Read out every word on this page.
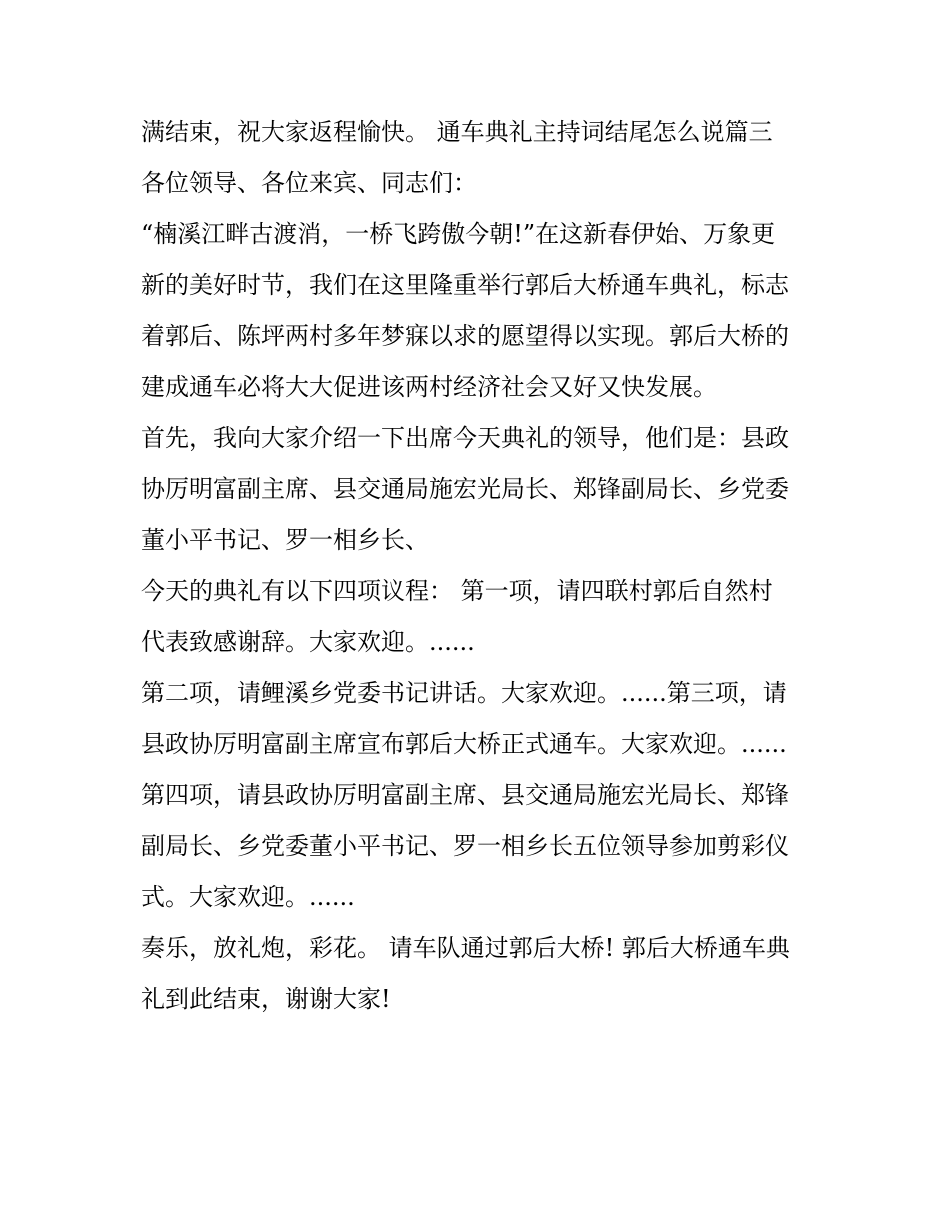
满结束，祝大家返程愉快。 通车典礼主持词结尾怎么说篇三
各位领导、各位来宾、同志们：
“楠溪江畔古渡消，一桥飞跨傲今朝!”在这新春伊始、万象更
新的美好时节，我们在这里隆重举行郭后大桥通车典礼，标志
着郭后、陈坪两村多年梦寐以求的愿望得以实现。郭后大桥的
建成通车必将大大促进该两村经济社会又好又快发展。
首先，我向大家介绍一下出席今天典礼的领导，他们是：县政
协厉明富副主席、县交通局施宏光局长、郑锋副局长、乡党委
董小平书记、罗一相乡长、
今天的典礼有以下四项议程： 第一项，请四联村郭后自然村
代表致感谢辞。大家欢迎。......
第二项，请鲤溪乡党委书记讲话。大家欢迎。......第三项，请
县政协厉明富副主席宣布郭后大桥正式通车。大家欢迎。......
第四项，请县政协厉明富副主席、县交通局施宏光局长、郑锋
副局长、乡党委董小平书记、罗一相乡长五位领导参加剪彩仪
式。大家欢迎。......
奏乐，放礼炮，彩花。 请车队通过郭后大桥! 郭后大桥通车典
礼到此结束，谢谢大家!
